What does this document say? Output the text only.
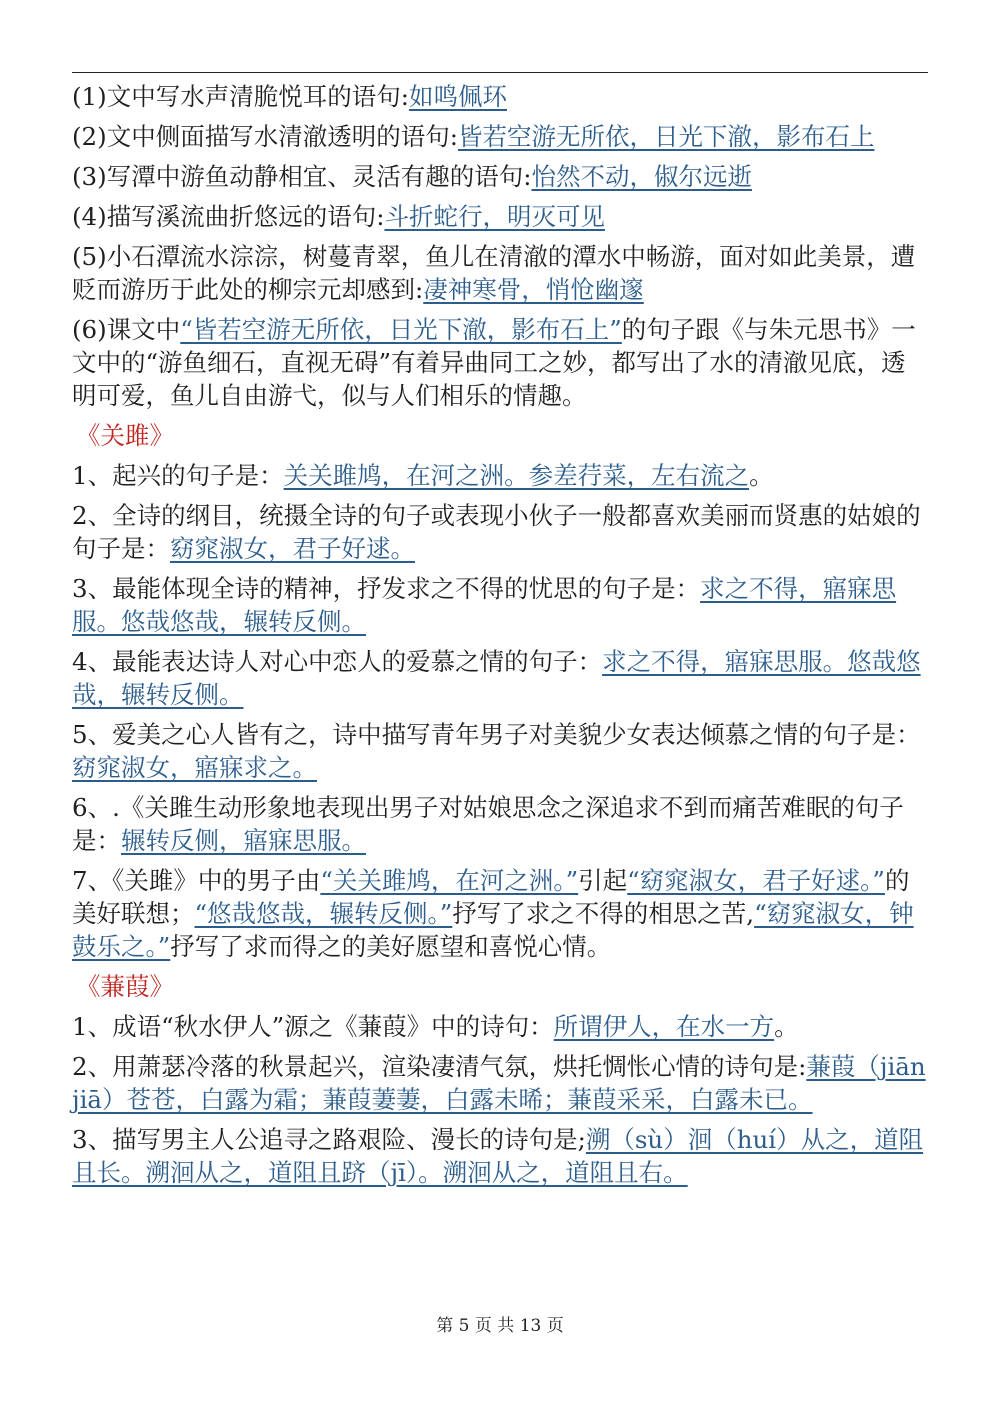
(1)文中写水声清脆悦耳的语句:如鸣佩环

(2)文中侧面描写水清澈透明的语句:皆若空游无所依，日光下澈，影布石上

(3)写潭中游鱼动静相宜、灵活有趣的语句:怡然不动，俶尔远逝

(4)描写溪流曲折悠远的语句:斗折蛇行，明灭可见

(5)小石潭流水淙淙，树蔓青翠，鱼儿在清澈的潭水中畅游，面对如此美景，遭贬而游历于此处的柳宗元却感到:凄神寒骨，悄怆幽邃

(6)课文中“皆若空游无所依，日光下澈，影布石上”的句子跟《与朱元思书》一文中的“游鱼细石，直视无碍”有着异曲同工之妙，都写出了水的清澈见底，透明可爱，鱼儿自由游弋，似与人们相乐的情趣。

《关雎》

1、起兴的句子是：关关雎鸠，在河之洲。参差荇菜，左右流之。

2、全诗的纲目，统摄全诗的句子或表现小伙子一般都喜欢美丽而贤惠的姑娘的句子是：窈窕淑女，君子好逑。

3、最能体现全诗的精神，抒发求之不得的忧思的句子是：求之不得，寤寐思服。悠哉悠哉，辗转反侧。

4、最能表达诗人对心中恋人的爱慕之情的句子：求之不得，寤寐思服。悠哉悠哉，辗转反侧。

5、爱美之心人皆有之，诗中描写青年男子对美貌少女表达倾慕之情的句子是：窈窕淑女，寤寐求之。

6、.《关雎生动形象地表现出男子对姑娘思念之深追求不到而痛苦难眠的句子是：辗转反侧，寤寐思服。

7、《关雎》中的男子由“关关雎鸠，在河之洲。”引起“窈窕淑女，君子好逑。”的美好联想；“悠哉悠哉，辗转反侧。”抒写了求之不得的相思之苦,“窈窕淑女，钟鼓乐之。”抒写了求而得之的美好愿望和喜悦心情。

《蒹葭》

1、成语“秋水伊人”源之《蒹葭》中的诗句：所谓伊人，在水一方。

2、用萧瑟冷落的秋景起兴，渲染凄清气氛，烘托惆怅心情的诗句是:蒹葭（jiān jiā）苍苍，白露为霜；蒹葭萋萋，白露未晞；蒹葭采采，白露未已。

3、描写男主人公追寻之路艰险、漫长的诗句是;溯（sù）洄（huí）从之，道阻且长。溯洄从之，道阻且跻（jī）。溯洄从之，道阻且右。

第 5 页 共 13 页
